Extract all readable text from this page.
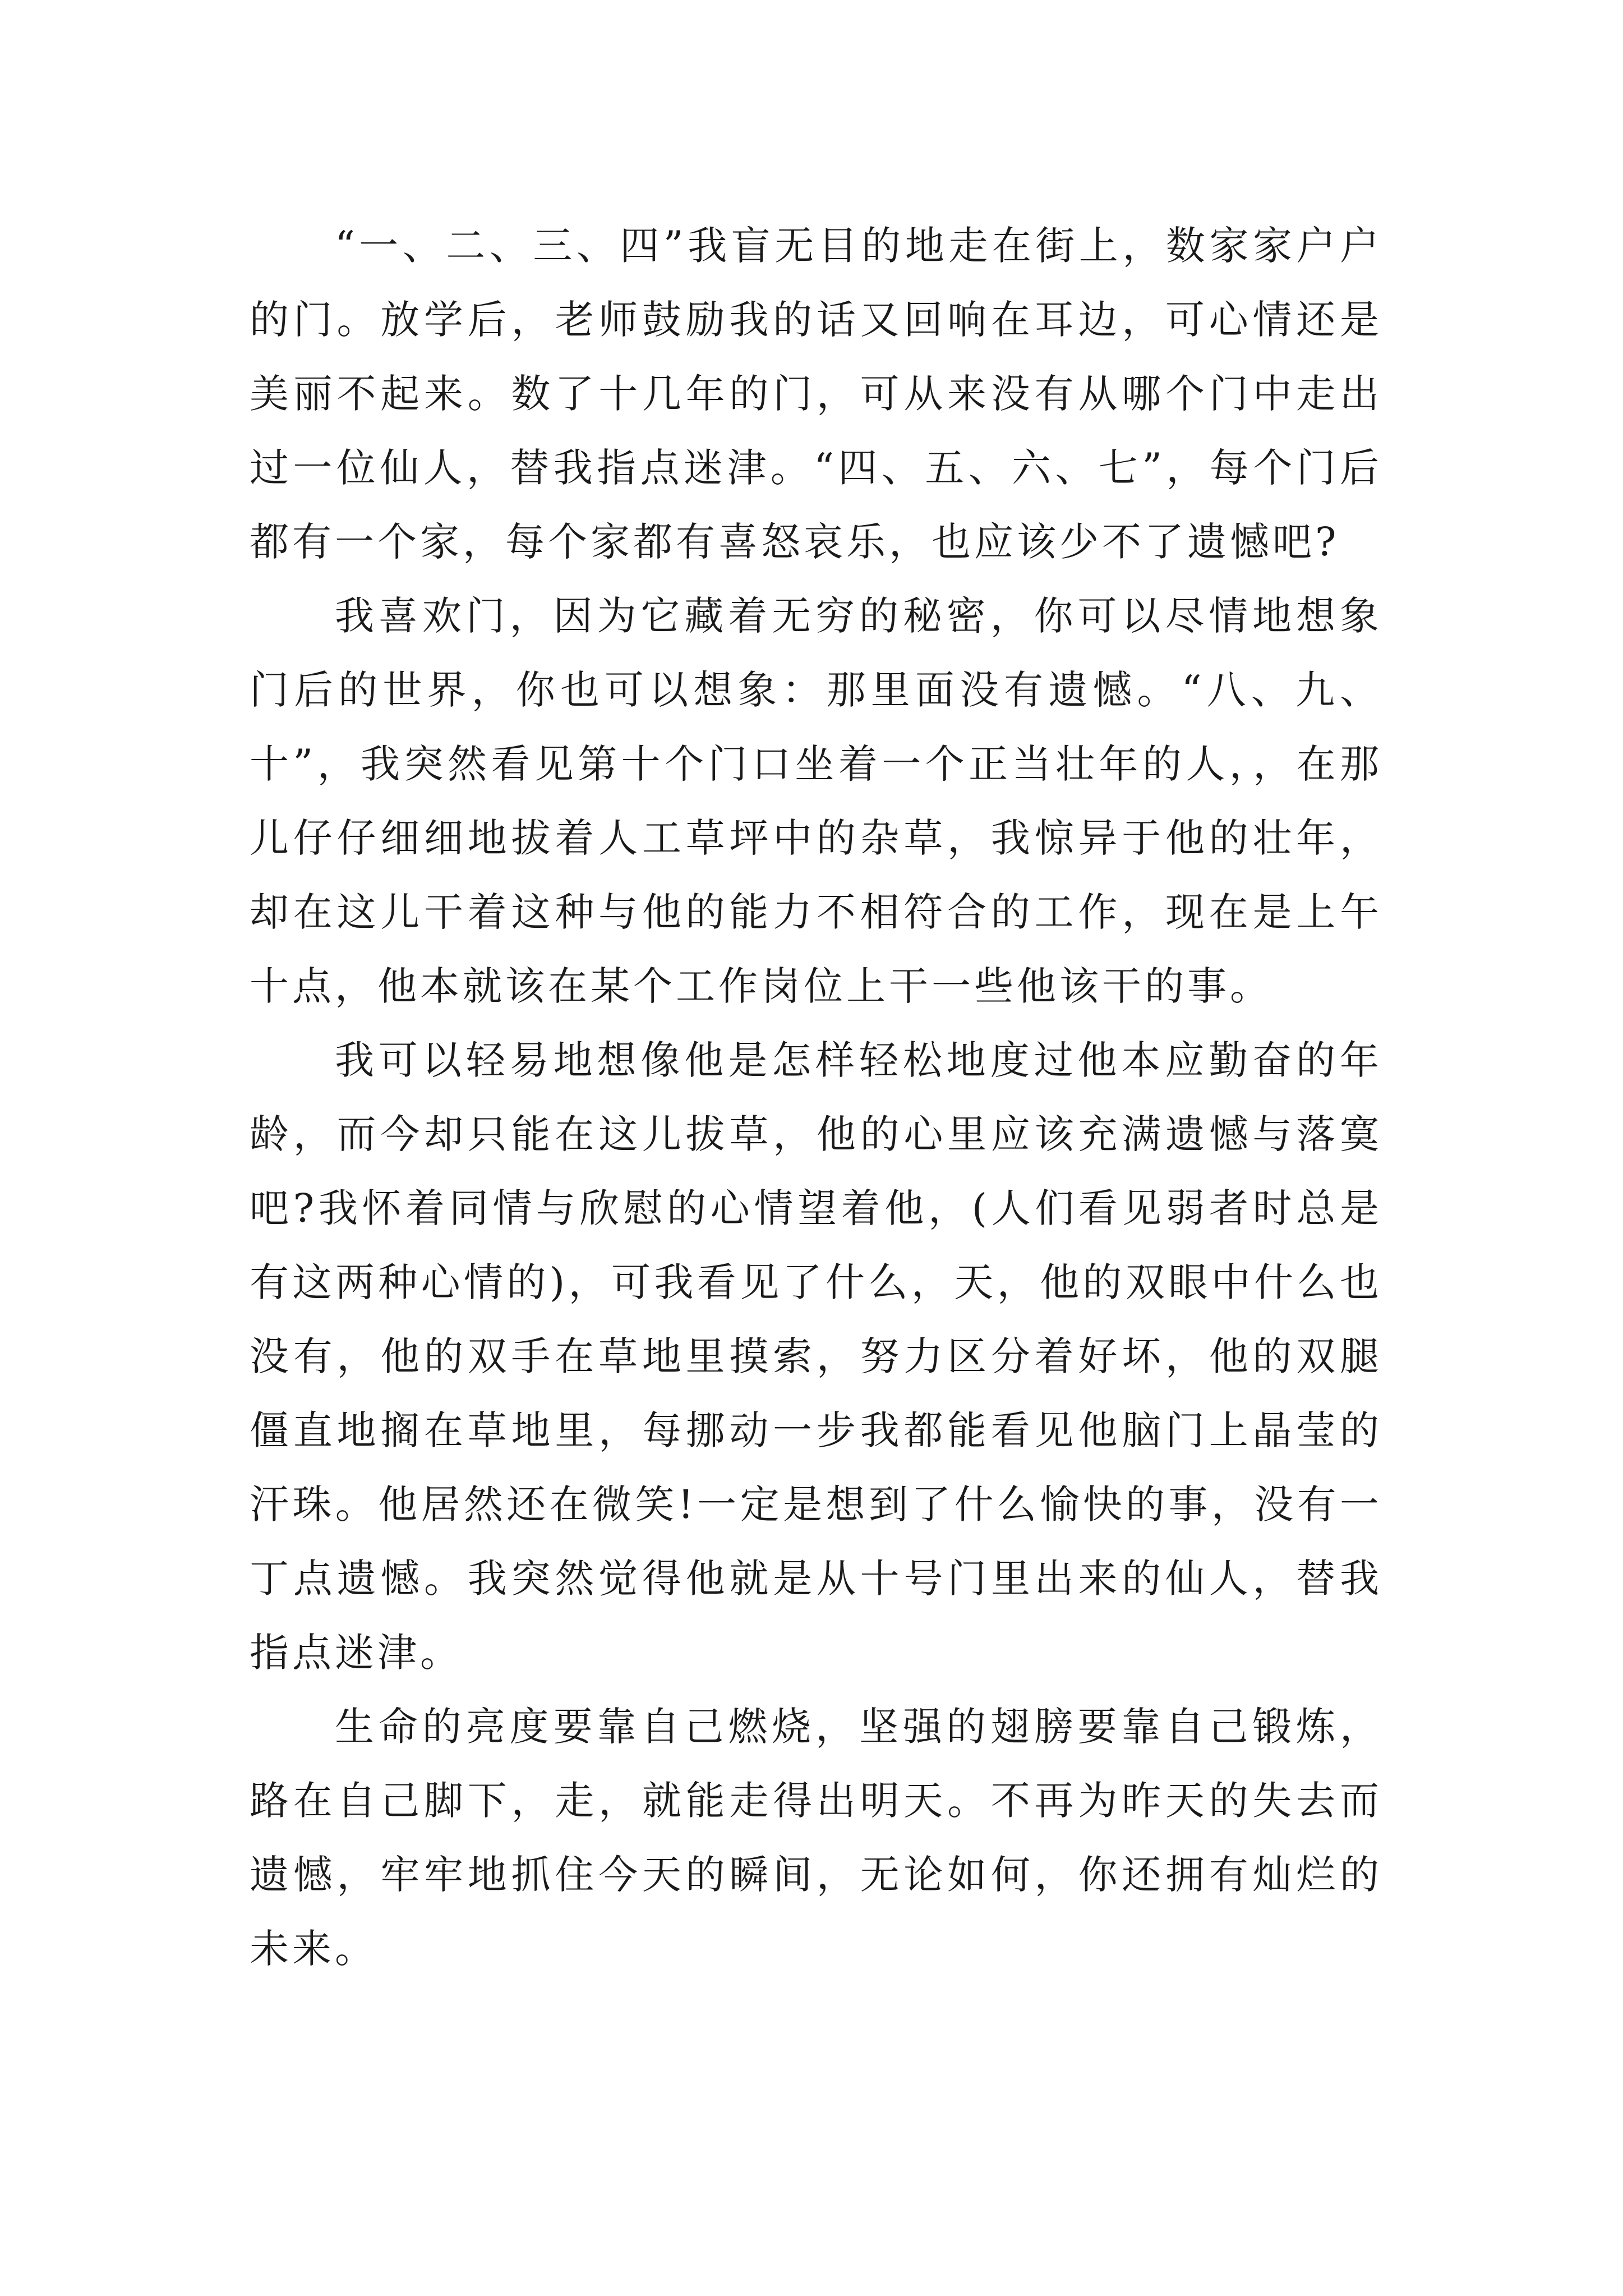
“一、二、三、四”我盲无目的地走在街上，数家家户户的门。放学后，老师鼓励我的话又回响在耳边，可心情还是美丽不起来。数了十几年的门，可从来没有从哪个门中走出过一位仙人，替我指点迷津。“四、五、六、七”，每个门后都有一个家，每个家都有喜怒哀乐，也应该少不了遗憾吧?

我喜欢门，因为它藏着无穷的秘密，你可以尽情地想象门后的世界，你也可以想象：那里面没有遗憾。“八、九、十”，我突然看见第十个门口坐着一个正当壮年的人，，在那儿仔仔细细地拔着人工草坪中的杂草，我惊异于他的壮年，却在这儿干着这种与他的能力不相符合的工作，现在是上午十点，他本就该在某个工作岗位上干一些他该干的事。

我可以轻易地想像他是怎样轻松地度过他本应勤奋的年龄，而今却只能在这儿拔草，他的心里应该充满遗憾与落寞吧?我怀着同情与欣慰的心情望着他，(人们看见弱者时总是有这两种心情的)，可我看见了什么，天，他的双眼中什么也没有，他的双手在草地里摸索，努力区分着好坏，他的双腿僵直地搁在草地里，每挪动一步我都能看见他脑门上晶莹的汗珠。他居然还在微笑!一定是想到了什么愉快的事，没有一丁点遗憾。我突然觉得他就是从十号门里出来的仙人，替我指点迷津。

生命的亮度要靠自己燃烧，坚强的翅膀要靠自己锻炼，路在自己脚下，走，就能走得出明天。不再为昨天的失去而遗憾，牢牢地抓住今天的瞬间，无论如何，你还拥有灿烂的未来。
